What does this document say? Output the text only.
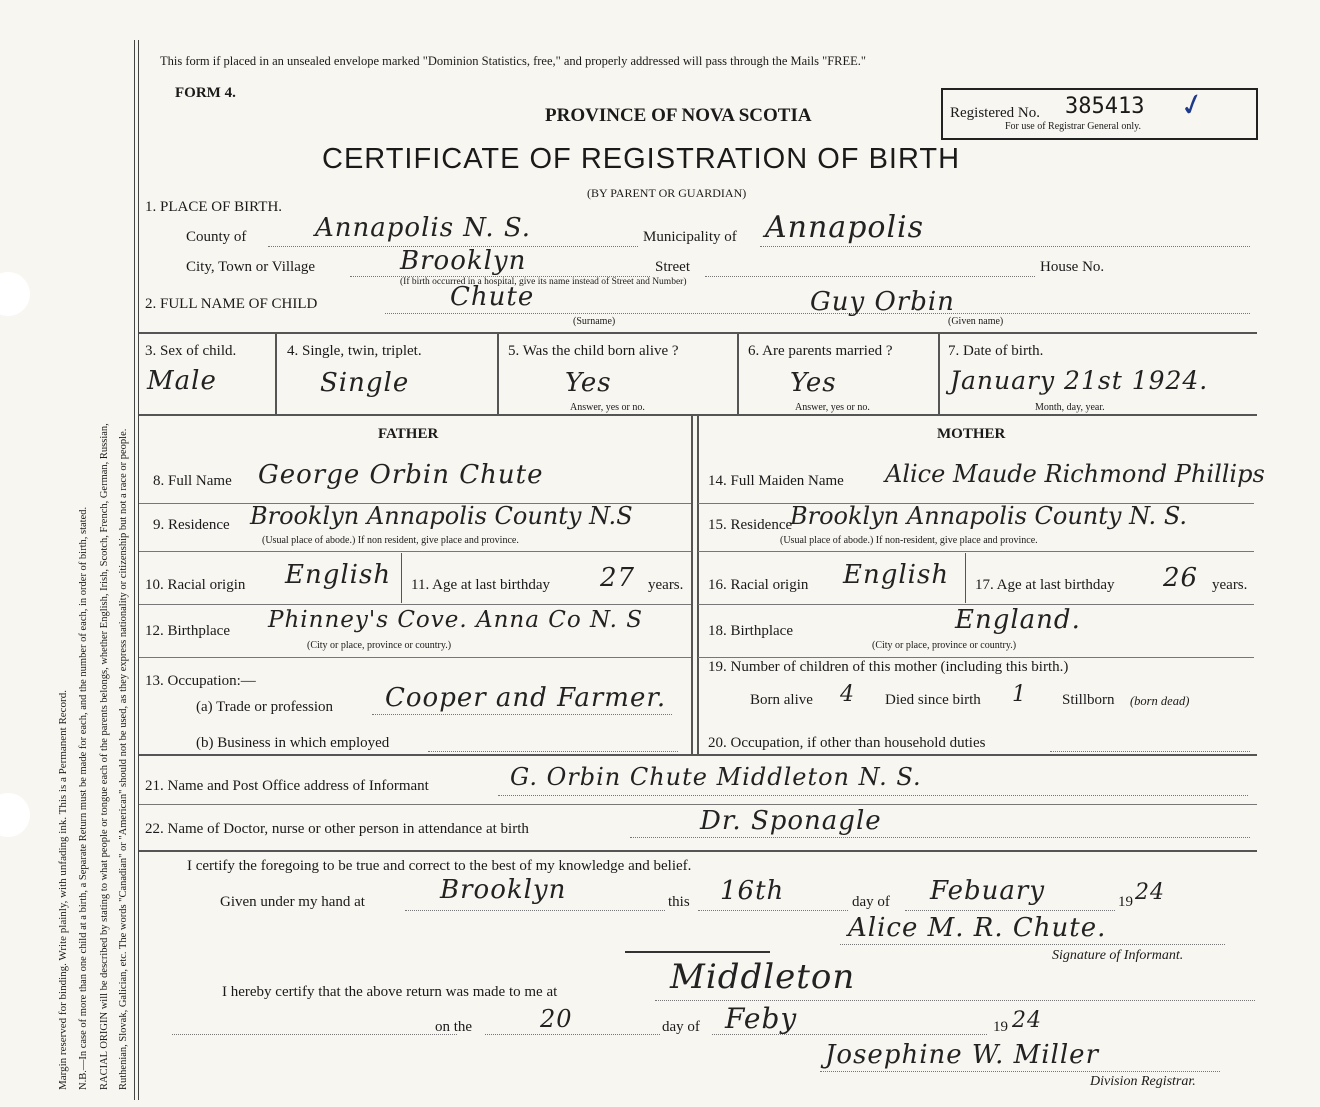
Margin reserved for binding. Write plainly, with unfading ink. This is a Permanent Record. N.B.—In case of more than one child at a birth, a Separate Return must be made for each, and the number of each, in order of birth, stated. RACIAL ORIGIN will be described by stating to what people or tongue each of the parents belongs, whether English, Irish, Scotch, French, German, Russian, Ruthenian, Slovak, Galician, etc. The words "Canadian" or "American" should not be used, as they express nationality or citizenship but not a race or people.
This form if placed in an unsealed envelope marked "Dominion Statistics, free," and properly addressed will pass through the Mails "FREE."
FORM 4.
PROVINCE OF NOVA SCOTIA
CERTIFICATE OF REGISTRATION OF BIRTH
(BY PARENT OR GUARDIAN)
Registered No. 385413 ✓
For use of Registrar General only.
1. PLACE OF BIRTH.
County of	Annapolis N. S.	Municipality of Annapolis
City, Town or Village	Brooklyn	Street	House No.
(If birth occurred in a hospital, give its name instead of Street and Number)
2. FULL NAME OF CHILD	Chute	Guy Orbin
(Surname)	(Given name)
3. Sex of child.
Male
4. Single, twin, triplet.
Single
5. Was the child born alive ?
Yes
Answer, yes or no.
6. Are parents married ?
Yes
Answer, yes or no.
7. Date of birth.
January 21st 1924.
Month, day, year.
FATHER	MOTHER
8. Full Name George Orbin Chute
9. Residence Brooklyn Annapolis County N.S
(Usual place of abode.) If non resident, give place and province.
10. Racial origin English 11. Age at last birthday 27 years.
12. Birthplace Phinney's Cove. Anna Co N. S
(City or place, province or country.)
13. Occupation:—
(a) Trade or profession Cooper and Farmer.
(b) Business in which employed
14. Full Maiden Name Alice Maude Richmond Phillips
15. Residence
Brooklyn Annapolis County N. S.
(Usual place of abode.) If non-resident, give place and province.
16. Racial origin English 17. Age at last birthday 26 years.
18. Birthplace	England.
(City or place, province or country.)
19. Number of children of this mother (including this birth.)
Born alive 4 Died since birth 1 Stillborn (born dead)
20. Occupation, if other than household duties
21. Name and Post Office address of Informant	G. Orbin Chute Middleton N. S.
22. Name of Doctor, nurse or other person in attendance at birth	Dr. Sponagle
I certify the foregoing to be true and correct to the best of my knowledge and belief.
Given under my hand at	Brooklyn	this 16th	day of Febuary	19 24
Alice M. R. Chute.
Signature of Informant.
I hereby certify that the above return was made to me at	Middleton
on the	20	day of Feby	19 24
Josephine W. Miller
Division Registrar.
